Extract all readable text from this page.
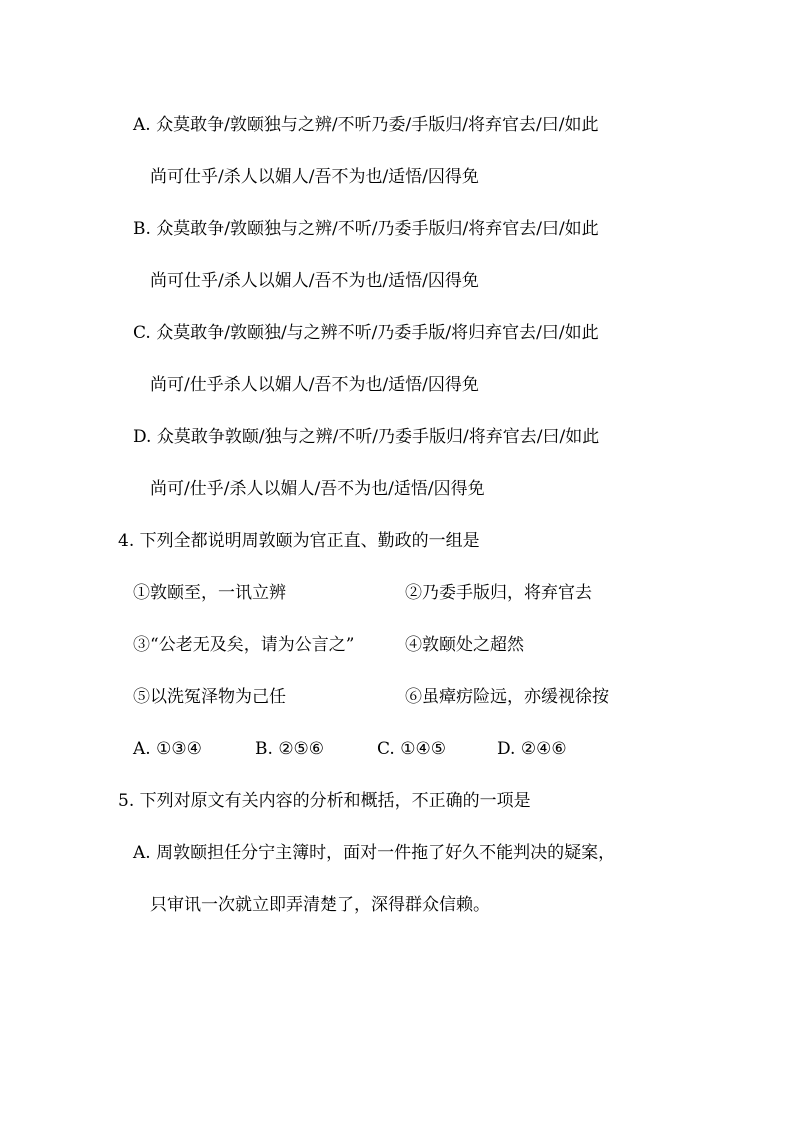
A. 众莫敢争/敦颐独与之辨/不听乃委/手版归/将弃官去/曰/如此
尚可仕乎/杀人以媚人/吾不为也/适悟/囚得免
B. 众莫敢争/敦颐独与之辨/不听/乃委手版归/将弃官去/曰/如此
尚可仕乎/杀人以媚人/吾不为也/适悟/囚得免
C. 众莫敢争/敦颐独/与之辨不听/乃委手版/将归弃官去/曰/如此
尚可/仕乎杀人以媚人/吾不为也/适悟/囚得免
D. 众莫敢争敦颐/独与之辨/不听/乃委手版归/将弃官去/曰/如此
尚可/仕乎/杀人以媚人/吾不为也/适悟/囚得免
4. 下列全都说明周敦颐为官正直、勤政的一组是
①敦颐至，一讯立辨	②乃委手版归，将弃官去
③“公老无及矣，请为公言之”	④敦颐处之超然
⑤以洗冤泽物为己任	⑥虽瘴疠险远，亦缓视徐按
A. ①③④	B. ②⑤⑥	C. ①④⑤	D. ②④⑥
5. 下列对原文有关内容的分析和概括，不正确的一项是
A. 周敦颐担任分宁主簿时，面对一件拖了好久不能判决的疑案，
只审讯一次就立即弄清楚了，深得群众信赖。
